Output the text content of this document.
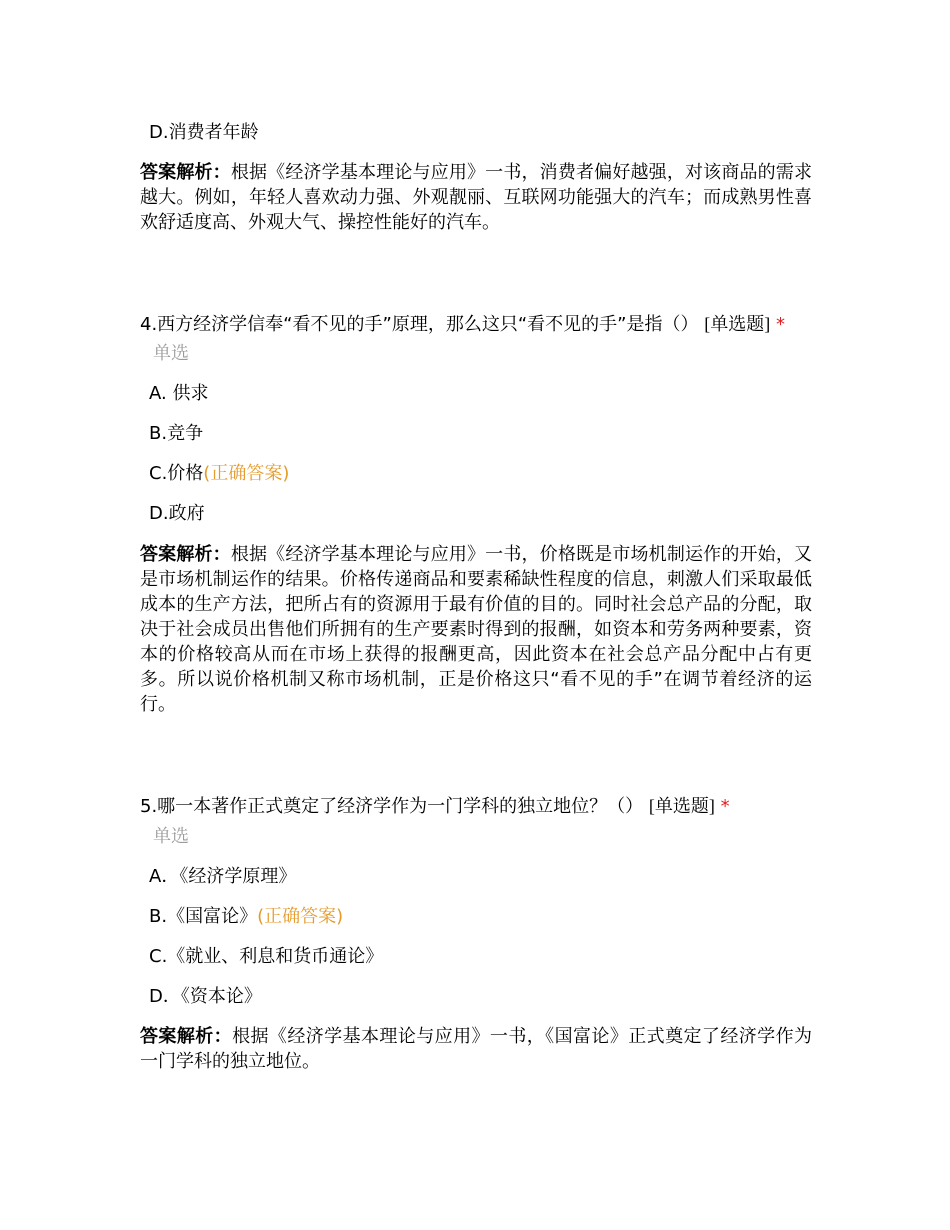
D.消费者年龄
答案解析：根据《经济学基本理论与应用》一书，消费者偏好越强，对该商品的需求越大。例如，年轻人喜欢动力强、外观靓丽、互联网功能强大的汽车；而成熟男性喜欢舒适度高、外观大气、操控性能好的汽车。
4.西方经济学信奉“看不见的手”原理，那么这只“看不见的手”是指（） [单选题] *
单选
A. 供求
B.竞争
C.价格(正确答案)
D.政府
答案解析：根据《经济学基本理论与应用》一书，价格既是市场机制运作的开始，又是市场机制运作的结果。价格传递商品和要素稀缺性程度的信息，刺激人们采取最低成本的生产方法，把所占有的资源用于最有价值的目的。同时社会总产品的分配，取决于社会成员出售他们所拥有的生产要素时得到的报酬，如资本和劳务两种要素，资本的价格较高从而在市场上获得的报酬更高，因此资本在社会总产品分配中占有更多。所以说价格机制又称市场机制，正是价格这只“看不见的手”在调节着经济的运行。
5.哪一本著作正式奠定了经济学作为一门学科的独立地位？（） [单选题] *
单选
A．《经济学原理》
B.《国富论》(正确答案)
C.《就业、利息和货币通论》
D．《资本论》
答案解析：根据《经济学基本理论与应用》一书，《国富论》正式奠定了经济学作为一门学科的独立地位。
